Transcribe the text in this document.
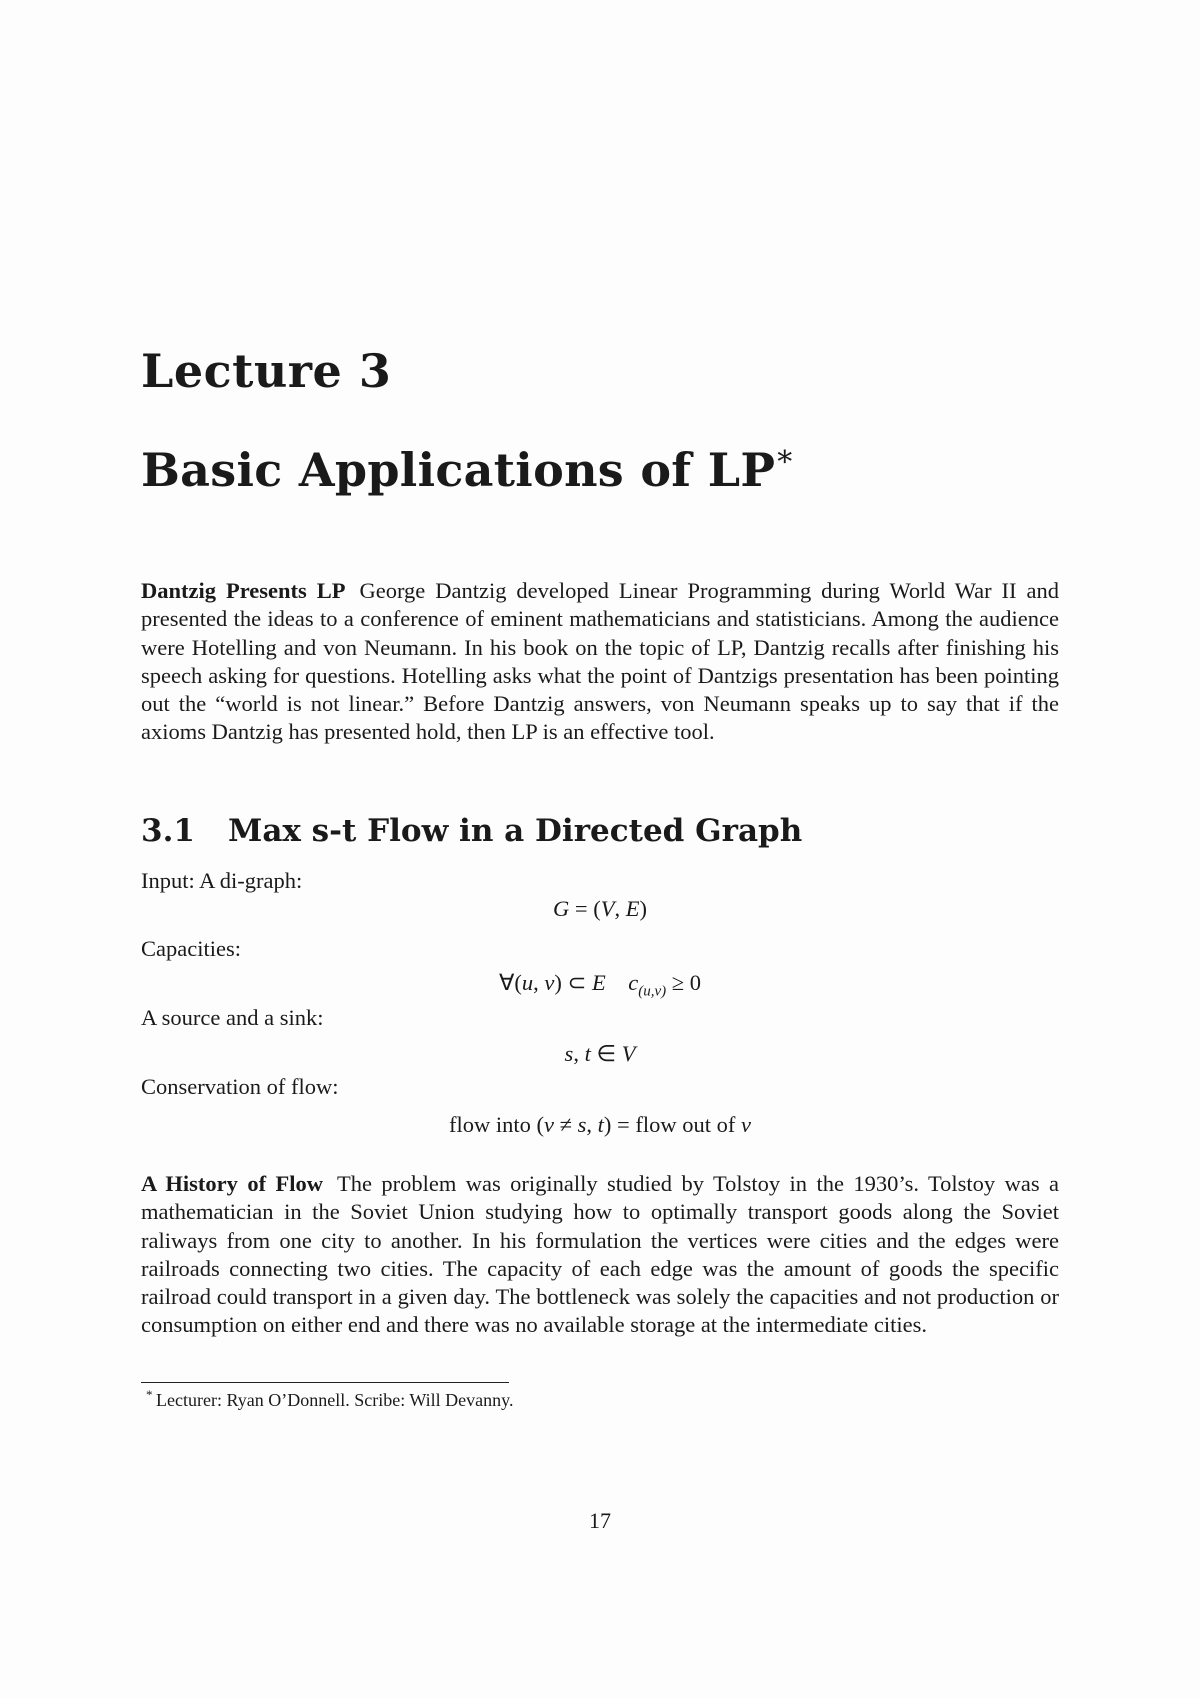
Lecture 3
Basic Applications of LP*

Dantzig Presents LP George Dantzig developed Linear Programming during World War II and presented the ideas to a conference of eminent mathematicians and statisticians. Among the audience were Hotelling and von Neumann. In his book on the topic of LP, Dantzig recalls after finishing his speech asking for questions. Hotelling asks what the point of Dantzigs presentation has been pointing out the “world is not linear.” Before Dantzig answers, von Neumann speaks up to say that if the axioms Dantzig has presented hold, then LP is an effective tool.

3.1 Max s-t Flow in a Directed Graph
Input: A di-graph:
G = (V, E)
Capacities:
∀(u, v) ⊂ E $c_{(u,v)} \ge 0$
A source and a sink:
s, t ∈ V
Conservation of flow:
flow into (v ≠ s, t) = flow out of v

A History of Flow The problem was originally studied by Tolstoy in the 1930’s. Tolstoy was a mathematician in the Soviet Union studying how to optimally transport goods along the Soviet raliways from one city to another. In his formulation the vertices were cities and the edges were railroads connecting two cities. The capacity of each edge was the amount of goods the specific railroad could transport in a given day. The bottleneck was solely the capacities and not production or consumption on either end and there was no available storage at the intermediate cities.

* Lecturer: Ryan O’Donnell. Scribe: Will Devanny.
17
